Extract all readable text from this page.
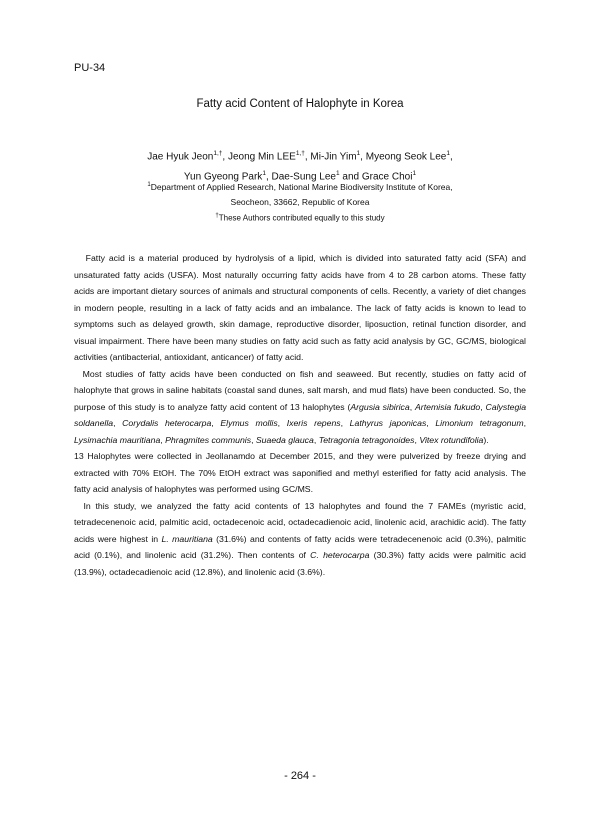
PU-34
Fatty acid Content of Halophyte in Korea
Jae Hyuk Jeon$^{1,\dagger}$, Jeong Min $LEE^{1,\dagger}$, Mi-Jin Yim$^1$, Myeong Seok Lee$^1$,
Yun Gyeong Park$^1$, Dae-Sung Lee$^1$ and Grace Choi$^1$
$^1$Department of Applied Research, National Marine Biodiversity Institute of Korea,
Seocheon, 33662, Republic of Korea
†These Authors contributed equally to this study

Fatty acid is a material produced by hydrolysis of a lipid, which is divided into saturated fatty acid (SFA) and unsaturated fatty acids (USFA). Most naturally occurring fatty acids have from 4 to 28 carbon atoms. These fatty acids are important dietary sources of animals and structural components of cells. Recently, a variety of diet changes in modern people, resulting in a lack of fatty acids and an imbalance. The lack of fatty acids is known to lead to symptoms such as delayed growth, skin damage, reproductive disorder, liposuction, retinal function disorder, and visual impairment. There have been many studies on fatty acid such as fatty acid analysis by GC, GC/MS, biological activities (antibacterial, antioxidant, anticancer) of fatty acid.

Most studies of fatty acids have been conducted on fish and seaweed. But recently, studies on fatty acid of halophyte that grows in saline habitats (coastal sand dunes, salt marsh, and mud flats) have been conducted. So, the purpose of this study is to analyze fatty acid content of 13 halophytes (Argusia sibirica, Artemisia fukudo, Calystegia soldanella, Corydalis heterocarpa, Elymus mollis, Ixeris repens, Lathyrus japonicas, Limonium tetragonum, Lysimachia mauritiana, Phragmites communis, Suaeda glauca, Tetragonia tetragonoides, Vitex rotundifolia).

13 Halophytes were collected in Jeollanamdo at December 2015, and they were pulverized by freeze drying and extracted with 70% EtOH. The 70% EtOH extract was saponified and methyl esterified for fatty acid analysis. The fatty acid analysis of halophytes was performed using GC/MS.

In this study, we analyzed the fatty acid contents of 13 halophytes and found the 7 FAMEs (myristic acid, tetradecenenoic acid, palmitic acid, octadecenoic acid, octadecadienoic acid, linolenic acid, arachidic acid). The fatty acids were highest in L. mauritiana (31.6%) and contents of fatty acids were tetradecenenoic acid (0.3%), palmitic acid (0.1%), and linolenic acid (31.2%). Then contents of C. heterocarpa (30.3%) fatty acids were palmitic acid (13.9%), octadecadienoic acid (12.8%), and linolenic acid (3.6%).

- 264 -
